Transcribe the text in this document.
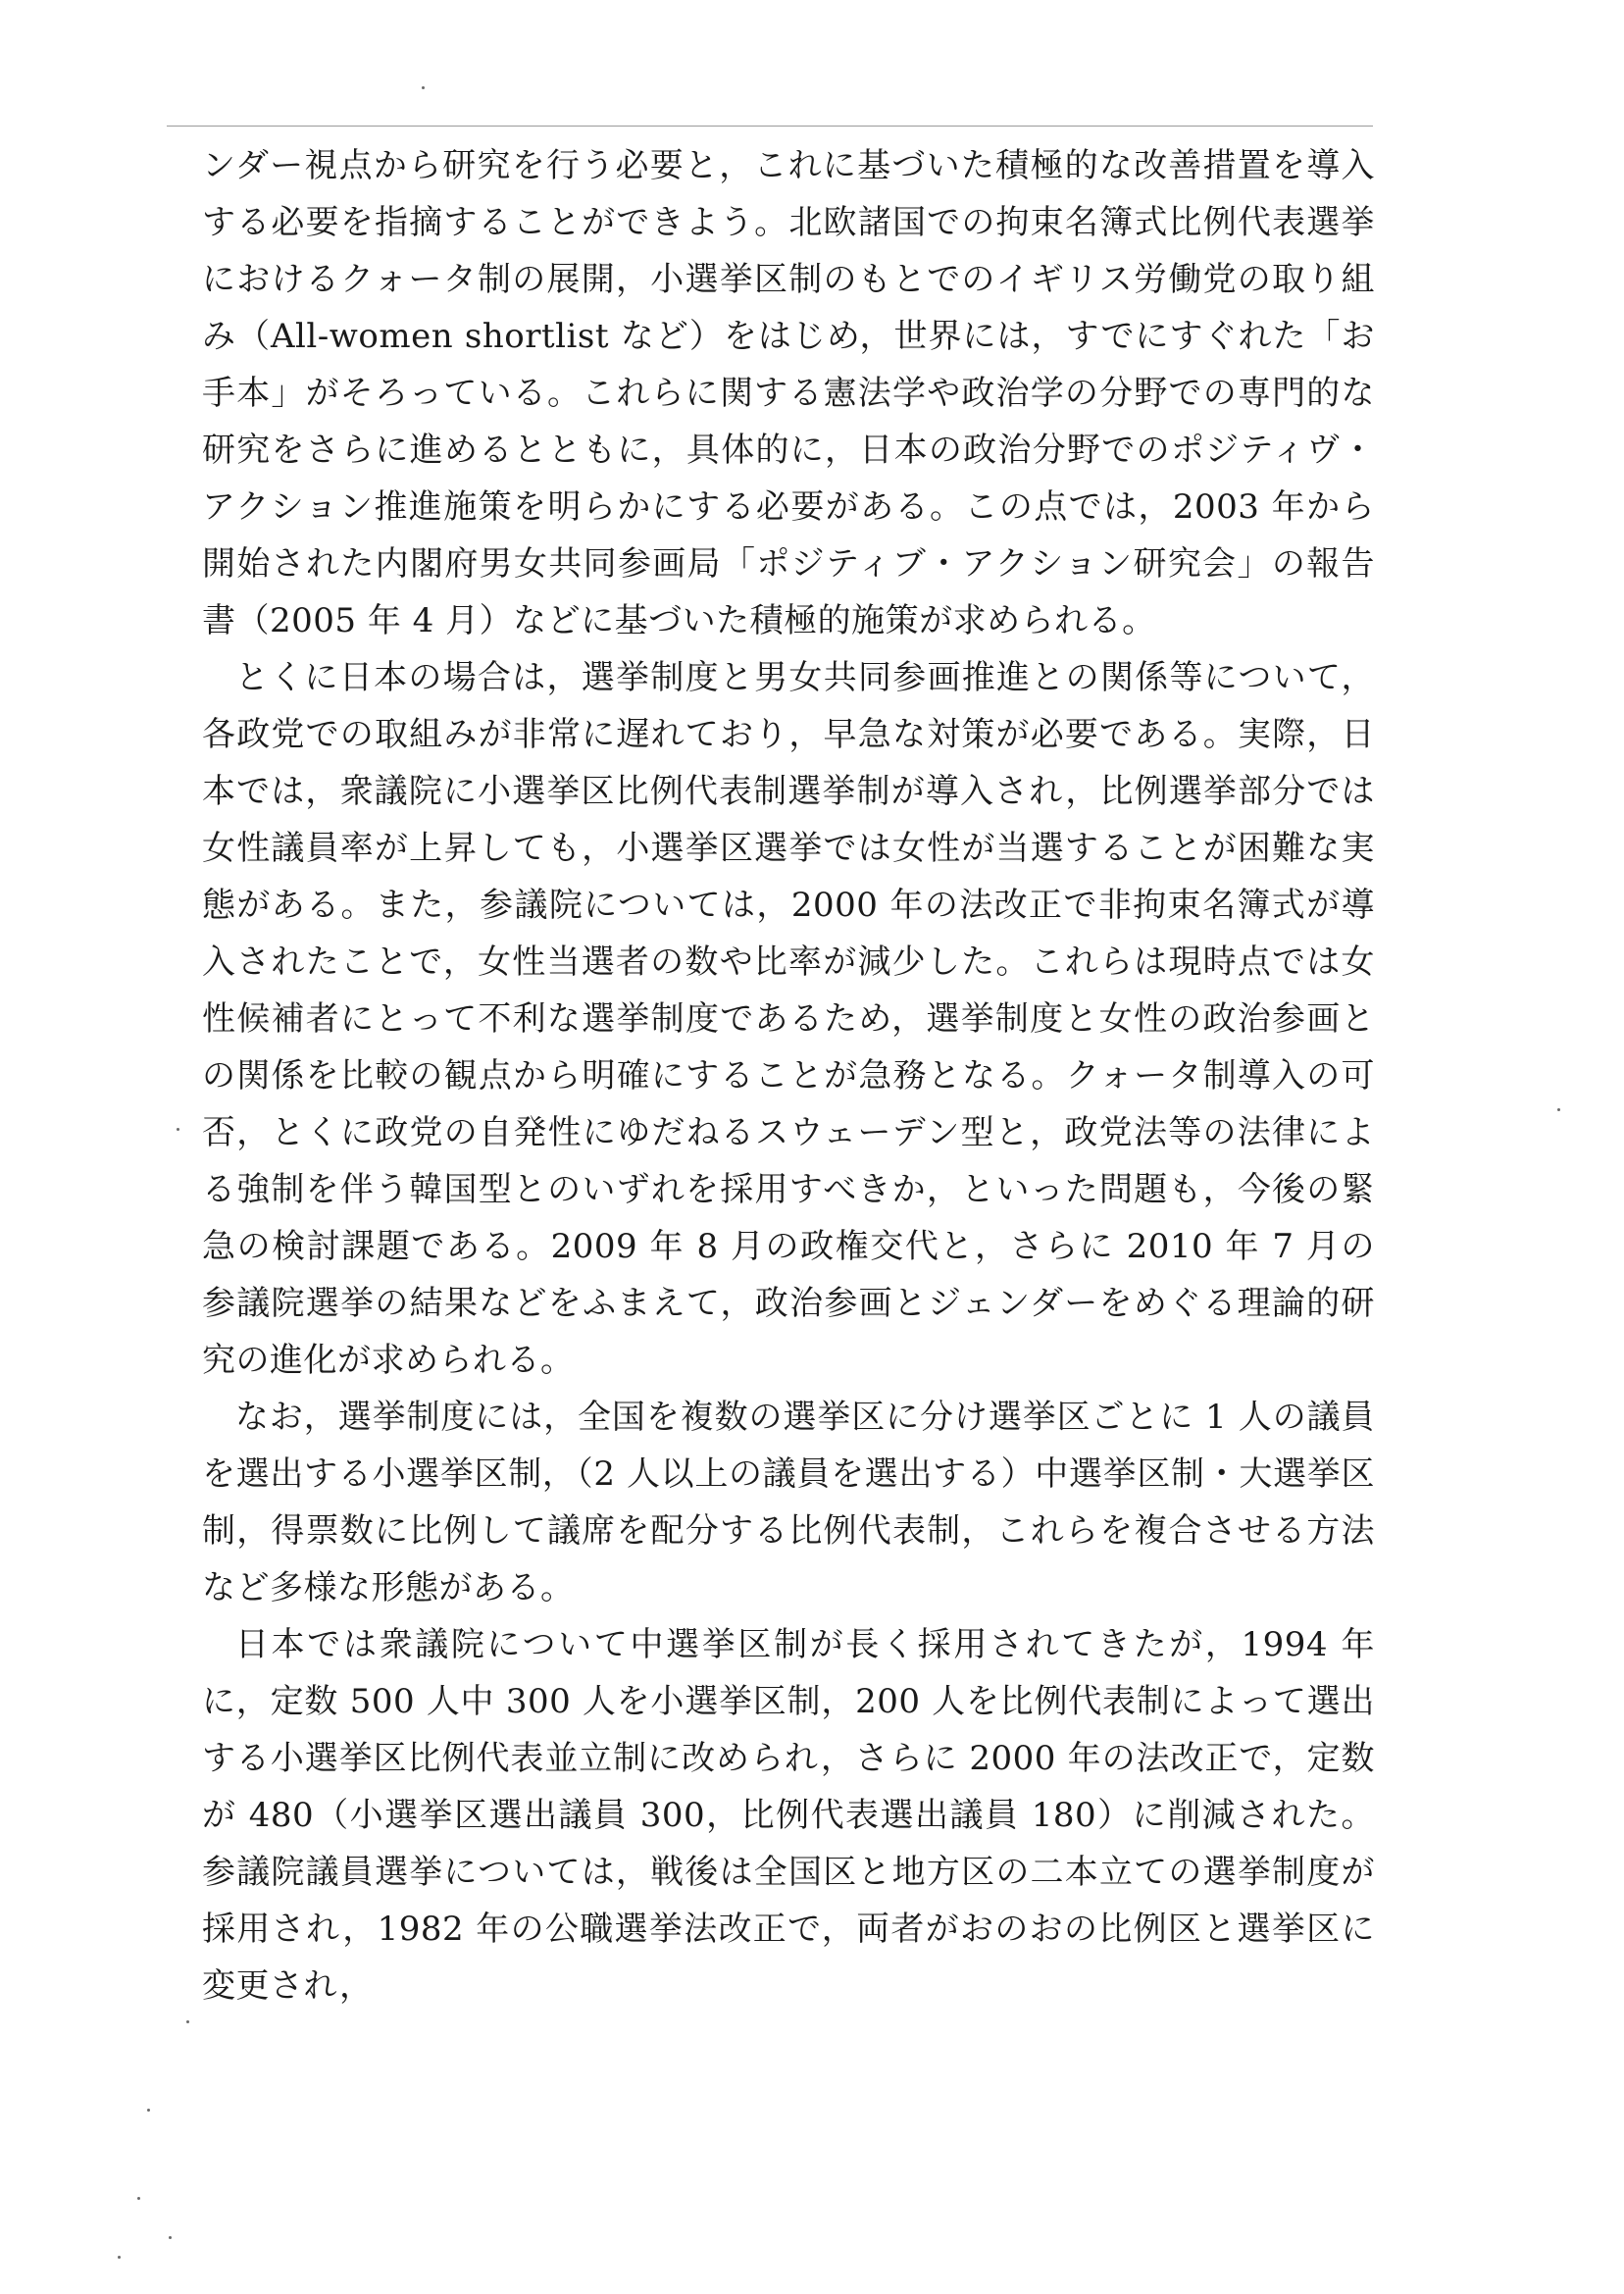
ンダー視点から研究を行う必要と，これに基づいた積極的な改善措置を導入する必要を指摘することができよう。北欧諸国での拘束名簿式比例代表選挙におけるクォータ制の展開，小選挙区制のもとでのイギリス労働党の取り組み（All-women shortlist など）をはじめ，世界には，すでにすぐれた「お手本」がそろっている。これらに関する憲法学や政治学の分野での専門的な研究をさらに進めるとともに，具体的に，日本の政治分野でのポジティヴ・アクション推進施策を明らかにする必要がある。この点では，2003 年から開始された内閣府男女共同参画局「ポジティブ・アクション研究会」の報告書（2005 年 4 月）などに基づいた積極的施策が求められる。

とくに日本の場合は，選挙制度と男女共同参画推進との関係等について，各政党での取組みが非常に遅れており，早急な対策が必要である。実際，日本では，衆議院に小選挙区比例代表制選挙制が導入され，比例選挙部分では女性議員率が上昇しても，小選挙区選挙では女性が当選することが困難な実態がある。また，参議院については，2000 年の法改正で非拘束名簿式が導入されたことで，女性当選者の数や比率が減少した。これらは現時点では女性候補者にとって不利な選挙制度であるため，選挙制度と女性の政治参画との関係を比較の観点から明確にすることが急務となる。クォータ制導入の可否，とくに政党の自発性にゆだねるスウェーデン型と，政党法等の法律による強制を伴う韓国型とのいずれを採用すべきか，といった問題も，今後の緊急の検討課題である。2009 年 8 月の政権交代と，さらに 2010 年 7 月の参議院選挙の結果などをふまえて，政治参画とジェンダーをめぐる理論的研究の進化が求められる。

なお，選挙制度には，全国を複数の選挙区に分け選挙区ごとに 1 人の議員を選出する小選挙区制，（2 人以上の議員を選出する）中選挙区制・大選挙区制，得票数に比例して議席を配分する比例代表制，これらを複合させる方法など多様な形態がある。

日本では衆議院について中選挙区制が長く採用されてきたが，1994 年に，定数 500 人中 300 人を小選挙区制，200 人を比例代表制によって選出する小選挙区比例代表並立制に改められ，さらに 2000 年の法改正で，定数が 480（小選挙区選出議員 300，比例代表選出議員 180）に削減された。参議院議員選挙については，戦後は全国区と地方区の二本立ての選挙制度が採用され，1982 年の公職選挙法改正で，両者がおのおの比例区と選挙区に変更され，
